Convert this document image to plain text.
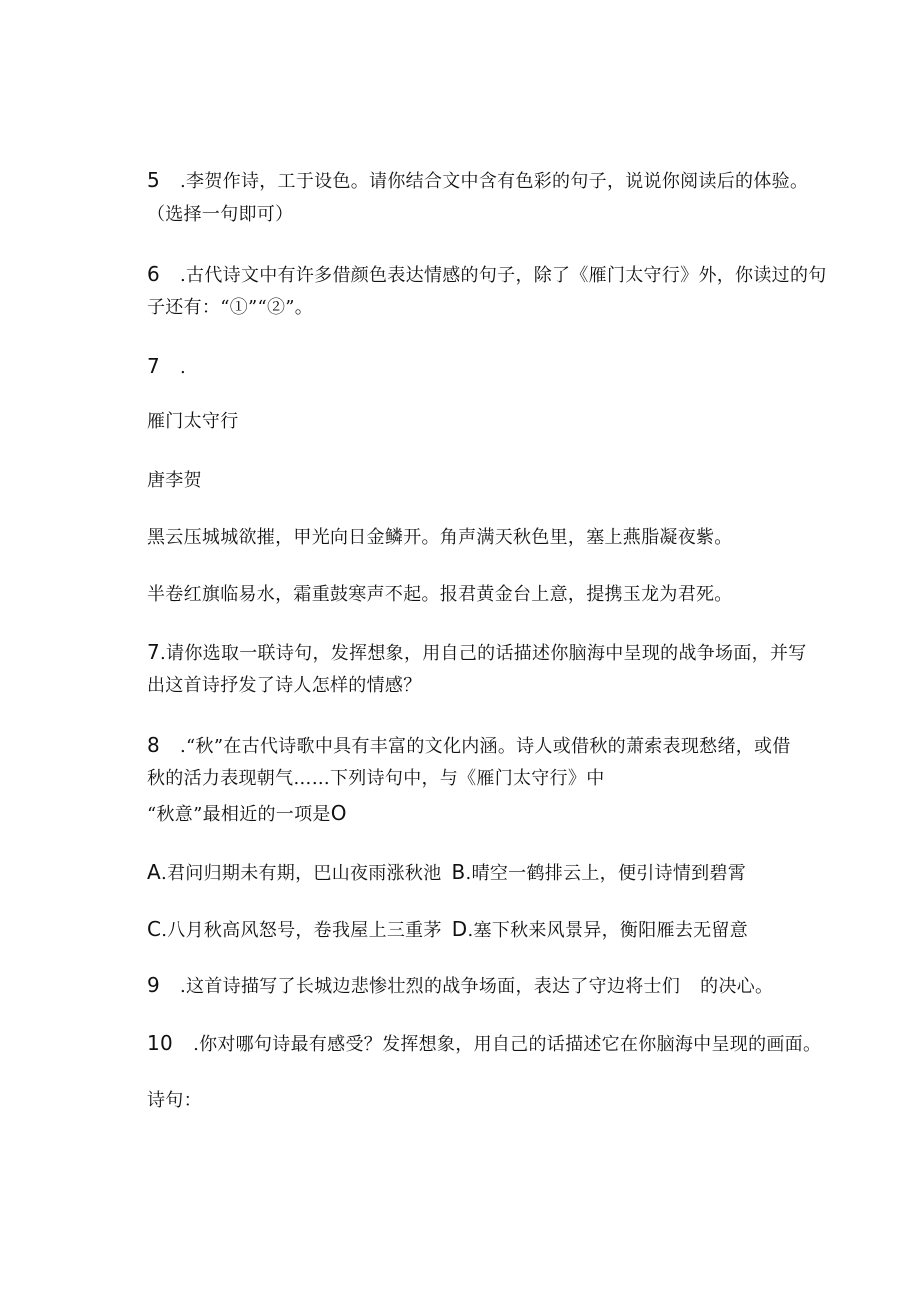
5 .李贺作诗，工于设色。请你结合文中含有色彩的句子，说说你阅读后的体验。
（选择一句即可）
6 .古代诗文中有许多借颜色表达情感的句子，除了《雁门太守行》外，你读过的句
子还有：“①”“②”。
7 .
雁门太守行
唐李贺
黑云压城城欲摧，甲光向日金鳞开。角声满天秋色里，塞上燕脂凝夜紫。
半卷红旗临易水，霜重鼓寒声不起。报君黄金台上意，提携玉龙为君死。
7.请你选取一联诗句，发挥想象，用自己的话描述你脑海中呈现的战争场面，并写
出这首诗抒发了诗人怎样的情感？
8 .“秋”在古代诗歌中具有丰富的文化内涵。诗人或借秋的萧索表现愁绪，或借
秋的活力表现朝气……下列诗句中，与《雁门太守行》中
“秋意”最相近的一项是O
A.君问归期未有期，巴山夜雨涨秋池 B.晴空一鹤排云上，便引诗情到碧霄
C.八月秋高风怒号，卷我屋上三重茅 D.塞下秋来风景异，衡阳雁去无留意
9 .这首诗描写了长城边悲惨壮烈的战争场面，表达了守边将士们 的决心。
10 .你对哪句诗最有感受？发挥想象，用自己的话描述它在你脑海中呈现的画面。
诗句：
